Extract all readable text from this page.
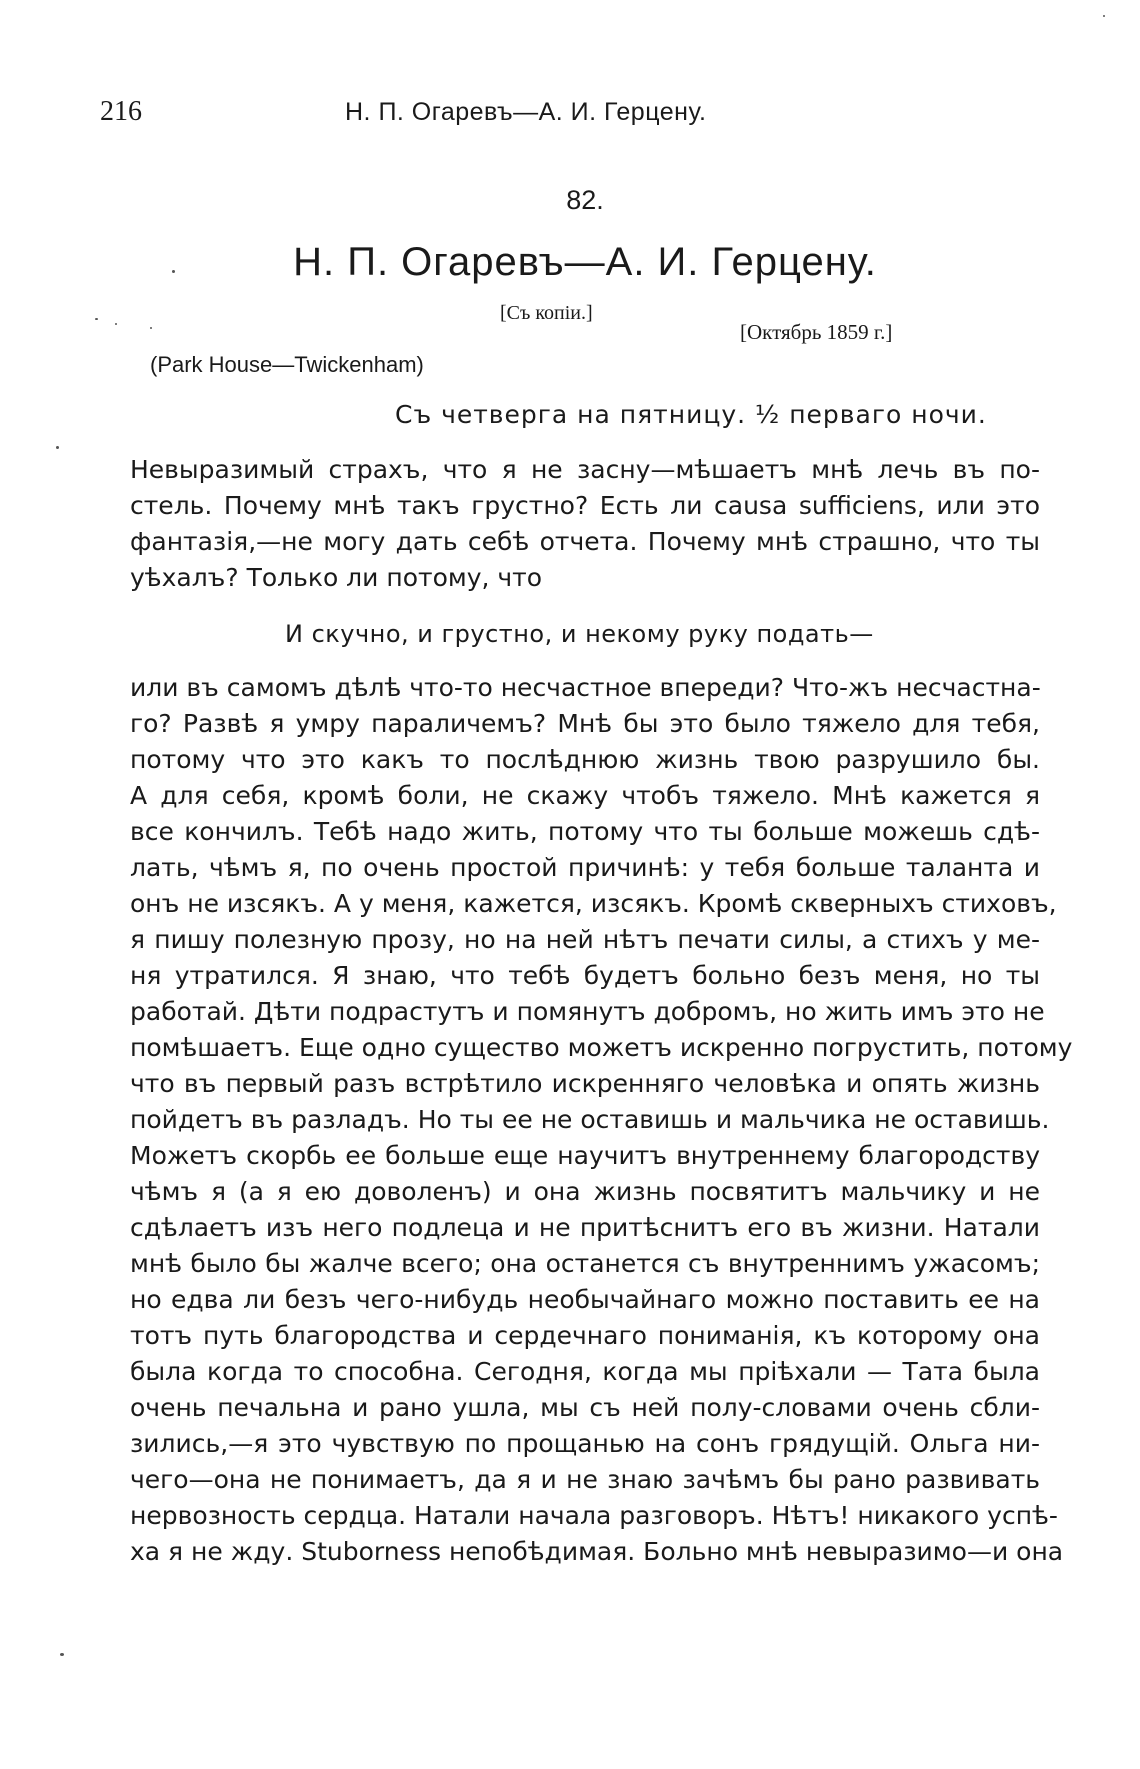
216	Н. П. Огаревъ—А. И. Герцену.
82.
Н. П. Огаревъ—А. И. Герцену.
[Съ копіи.]
[Октябрь 1859 г.]
(Park House—Twickenham)
Съ четверга на пятницу. ½ перваго ночи.
Невыразимый страхъ, что я не засну—мѣшаетъ мнѣ лечь въ по-
стель. Почему мнѣ такъ грустно? Есть ли causa sufficiens, или это
фантазія,—не могу дать себѣ отчета. Почему мнѣ страшно, что ты
уѣхалъ? Только ли потому, что
И скучно, и грустно, и некому руку подать—
или въ самомъ дѣлѣ что-то несчастное впереди? Что-жъ несчастна-
го? Развѣ я умру параличемъ? Мнѣ бы это было тяжело для тебя,
потому что это какъ то послѣднюю жизнь твою разрушило бы.
А для себя, кромѣ боли, не скажу чтобъ тяжело. Мнѣ кажется я
все кончилъ. Тебѣ надо жить, потому что ты больше можешь сдѣ-
лать, чѣмъ я, по очень простой причинѣ: у тебя больше таланта и
онъ не изсякъ. А у меня, кажется, изсякъ. Кромѣ скверныхъ стиховъ,
я пишу полезную прозу, но на ней нѣтъ печати силы, а стихъ у ме-
ня утратился. Я знаю, что тебѣ будетъ больно безъ меня, но ты
работай. Дѣти подрастутъ и помянутъ добромъ, но жить имъ это не
помѣшаетъ. Еще одно существо можетъ искренно погрустить, потому
что въ первый разъ встрѣтило искренняго человѣка и опять жизнь
пойдетъ въ разладъ. Но ты ее не оставишь и мальчика не оставишь.
Можетъ скорбь ее больше еще научитъ внутреннему благородству
чѣмъ я (а я ею доволенъ) и она жизнь посвятитъ мальчику и не
сдѣлаетъ изъ него подлеца и не притѣснитъ его въ жизни. Натали
мнѣ было бы жалче всего; она останется съ внутреннимъ ужасомъ;
но едва ли безъ чего-нибудь необычайнаго можно поставить ее на
тотъ путь благородства и сердечнаго пониманія, къ которому она
была когда то способна. Сегодня, когда мы пріѣхали — Тата была
очень печальна и рано ушла, мы съ ней полу-словами очень сбли-
зились,—я это чувствую по прощанью на сонъ грядущій. Ольга ни-
чего—она не понимаетъ, да я и не знаю зачѣмъ бы рано развивать
нервозность сердца. Натали начала разговоръ. Нѣтъ! никакого успѣ-
ха я не жду. Stuborness непобѣдимая. Больно мнѣ невыразимо—и она
